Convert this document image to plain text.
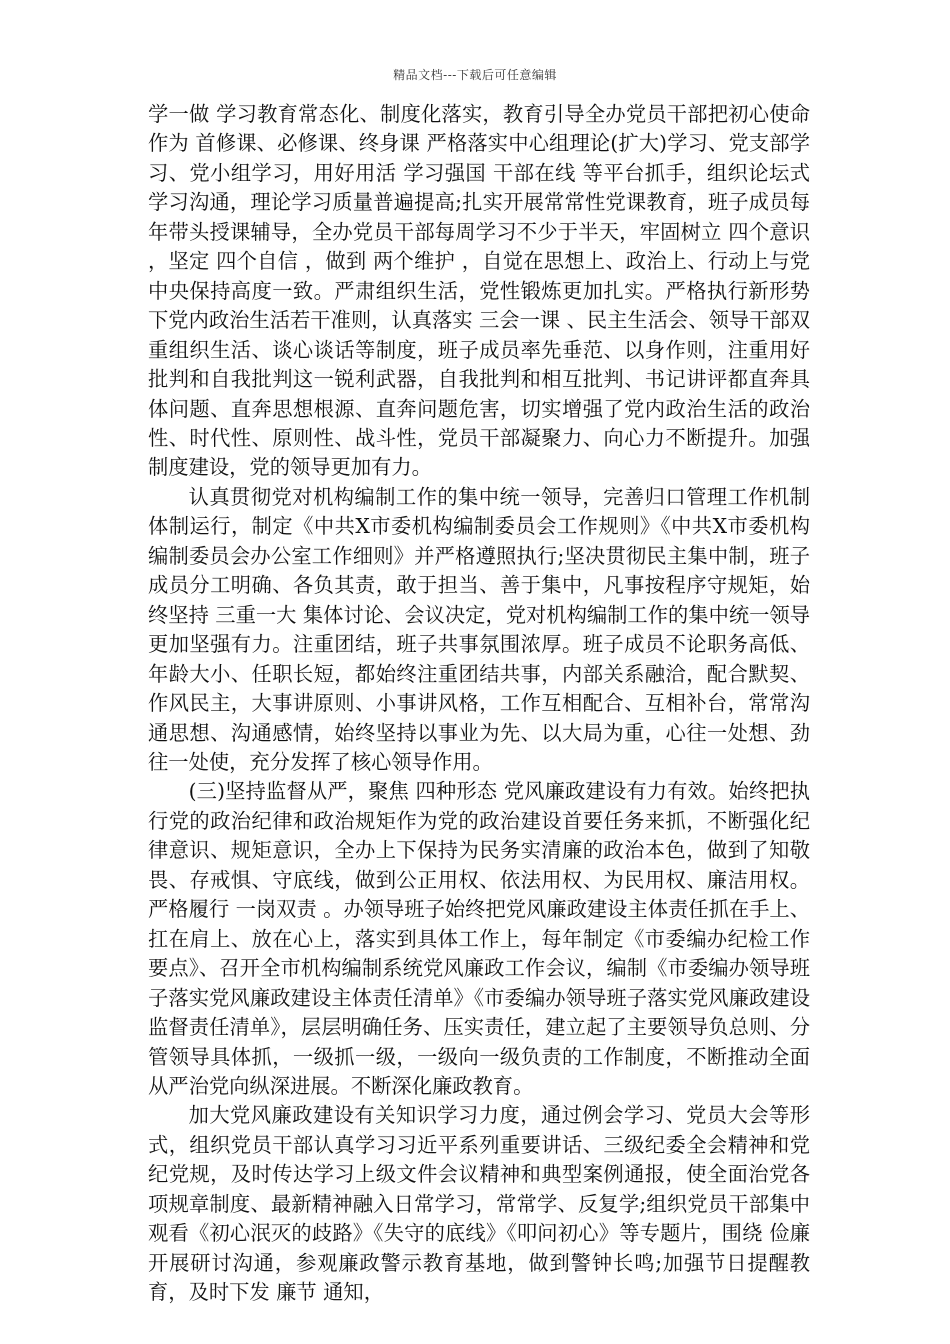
精品文档---下载后可任意编辑

学一做 学习教育常态化、制度化落实，教育引导全办党员干部把初心使命作为 首修课、必修课、终身课 严格落实中心组理论(扩大)学习、党支部学习、党小组学习，用好用活 学习强国 干部在线 等平台抓手，组织论坛式学习沟通，理论学习质量普遍提高;扎实开展常常性党课教育，班子成员每年带头授课辅导，全办党员干部每周学习不少于半天，牢固树立 四个意识 ，坚定 四个自信 ，做到 两个维护 ，自觉在思想上、政治上、行动上与党中央保持高度一致。严肃组织生活，党性锻炼更加扎实。严格执行新形势下党内政治生活若干准则，认真落实 三会一课 、民主生活会、领导干部双重组织生活、谈心谈话等制度，班子成员率先垂范、以身作则，注重用好批判和自我批判这一锐利武器，自我批判和相互批判、书记讲评都直奔具体问题、直奔思想根源、直奔问题危害，切实增强了党内政治生活的政治性、时代性、原则性、战斗性，党员干部凝聚力、向心力不断提升。加强制度建设，党的领导更加有力。

认真贯彻党对机构编制工作的集中统一领导，完善归口管理工作机制体制运行，制定《中共X市委机构编制委员会工作规则》《中共X市委机构编制委员会办公室工作细则》并严格遵照执行;坚决贯彻民主集中制，班子成员分工明确、各负其责，敢于担当、善于集中，凡事按程序守规矩，始终坚持 三重一大 集体讨论、会议决定，党对机构编制工作的集中统一领导更加坚强有力。注重团结，班子共事氛围浓厚。班子成员不论职务高低、年龄大小、任职长短，都始终注重团结共事，内部关系融洽，配合默契、作风民主，大事讲原则、小事讲风格，工作互相配合、互相补台，常常沟通思想、沟通感情，始终坚持以事业为先、以大局为重，心往一处想、劲往一处使，充分发挥了核心领导作用。

(三)坚持监督从严，聚焦 四种形态 党风廉政建设有力有效。始终把执行党的政治纪律和政治规矩作为党的政治建设首要任务来抓，不断强化纪律意识、规矩意识，全办上下保持为民务实清廉的政治本色，做到了知敬畏、存戒惧、守底线，做到公正用权、依法用权、为民用权、廉洁用权。严格履行 一岗双责 。办领导班子始终把党风廉政建设主体责任抓在手上、扛在肩上、放在心上，落实到具体工作上，每年制定《市委编办纪检工作要点》、召开全市机构编制系统党风廉政工作会议，编制《市委编办领导班子落实党风廉政建设主体责任清单》《市委编办领导班子落实党风廉政建设监督责任清单》，层层明确任务、压实责任，建立起了主要领导负总则、分管领导具体抓，一级抓一级，一级向一级负责的工作制度，不断推动全面从严治党向纵深进展。不断深化廉政教育。

加大党风廉政建设有关知识学习力度，通过例会学习、党员大会等形式，组织党员干部认真学习习近平系列重要讲话、三级纪委全会精神和党纪党规，及时传达学习上级文件会议精神和典型案例通报，使全面治党各项规章制度、最新精神融入日常学习，常常学、反复学;组织党员干部集中观看《初心泯灭的歧路》《失守的底线》《叩问初心》等专题片，围绕 俭廉 开展研讨沟通，参观廉政警示教育基地，做到警钟长鸣;加强节日提醒教育，及时下发 廉节 通知，
